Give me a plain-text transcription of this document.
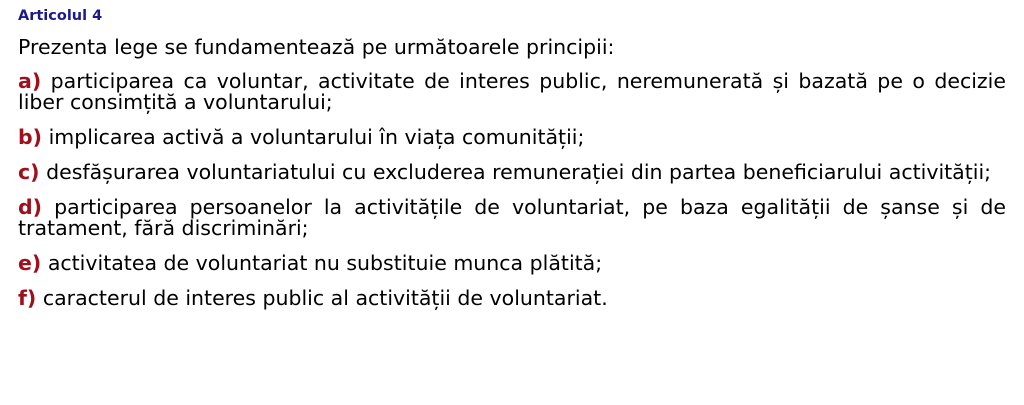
Articolul 4
Prezenta lege se fundamentează pe următoarele principii:
a) participarea ca voluntar, activitate de interes public, neremunerată și bazată pe o decizie liber consimțită a voluntarului;
b) implicarea activă a voluntarului în viața comunității;
c) desfășurarea voluntariatului cu excluderea remunerației din partea beneficiarului activității;
d) participarea persoanelor la activitățile de voluntariat, pe baza egalității de șanse și de tratament, fără discriminări;
e) activitatea de voluntariat nu substituie munca plătită;
f) caracterul de interes public al activității de voluntariat.
